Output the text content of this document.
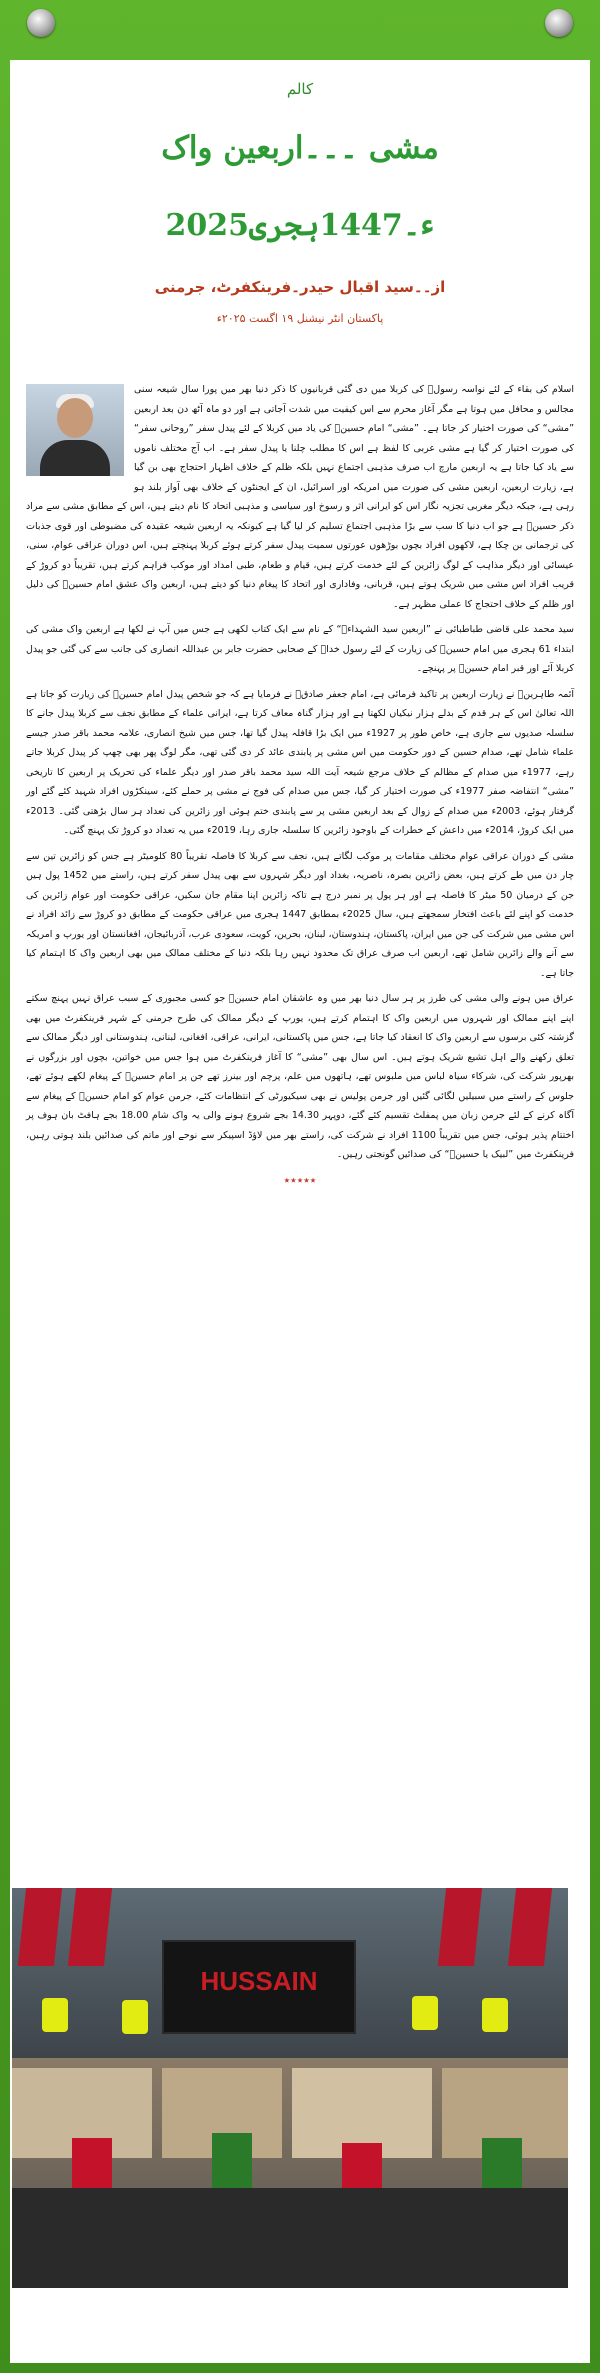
کالم
مشی ۔۔۔اربعین واک
2025ء۔1447ہجری
از۔۔سید اقبال حیدر۔فرینکفرٹ، جرمنی
پاکستان انٹر نیشنل ۱۹ اگست ۲۰۲۵ء

اسلام کی بقاء کے لئے نواسہ رسولؐ کی کربلا میں دی گئی قربانیوں کا ذکر دنیا بھر میں پورا سال شیعہ سنی مجالس و محافل میں ہوتا ہے مگر آغاز محرم سے اس کیفیت میں شدت آجاتی ہے اور دو ماہ آٹھ دن بعد اربعین ”مشی“ کی صورت اختیار کر جاتا ہے۔ ”مشی“ امام حسینؑ کی یاد میں کربلا کے لئے پیدل سفر ”روحانی سفر“ کی صورت اختیار کر گیا ہے مشی عربی کا لفظ ہے اس کا مطلب چلنا یا پیدل سفر ہے۔ اب آج مختلف ناموں سے یاد کیا جاتا ہے یہ اربعین مارچ اب صرف مذہبی اجتماع نہیں بلکہ ظلم کے خلاف اظہار احتجاج بھی بن گیا ہے، زیارت اربعین، اربعین مشی کی صورت میں امریکہ اور اسرائیل، ان کے ایجنٹوں کے خلاف بھی آواز بلند ہو رہی ہے، جبکہ دیگر مغربی تجزیہ نگار اس کو ایرانی اثر و رسوخ اور سیاسی و مذہبی اتحاد کا نام دیتے ہیں، اس کے مطابق مشی سے مراد ذکر حسینؑ ہے جو اب دنیا کا سب سے بڑا مذہبی اجتماع تسلیم کر لیا گیا ہے کیونکہ یہ اربعین شیعہ عقیدہ کی مضبوطی اور قوی جذبات کی ترجمانی بن چکا ہے، لاکھوں افراد بچوں بوڑھوں عورتوں سمیت پیدل سفر کرتے ہوئے کربلا پہنچتے ہیں، اس دوران عراقی عوام، سنی، عیسائی اور دیگر مذاہب کے لوگ زائرین کے لئے خدمت کرتے ہیں، قیام و طعام، طبی امداد اور موکب فراہم کرتے ہیں، تقریباً دو کروڑ کے قریب افراد اس مشی میں شریک ہوتے ہیں، قربانی، وفاداری اور اتحاد کا پیغام دنیا کو دیتے ہیں، اربعین واک عشق امام حسینؑ کی دلیل اور ظلم کے خلاف احتجاج کا عملی مظہر ہے۔

سید محمد علی قاضی طباطبائی نے ”اربعین سید الشہداءؑ“ کے نام سے ایک کتاب لکھی ہے جس میں آپ نے لکھا ہے اربعین واک مشی کی ابتداء 61 ہجری میں امام حسینؑ کی زیارت کے لئے رسول خداؐ کے صحابی حضرت جابر بن عبداللہ انصاری کی جانب سے کی گئی جو پیدل کربلا آئے اور قبر امام حسینؑ پر پہنچے۔

آئمہ طاہرینؑ نے زیارت اربعین پر تاکید فرمائی ہے، امام جعفر صادقؑ نے فرمایا ہے کہ جو شخص پیدل امام حسینؑ کی زیارت کو جاتا ہے اللہ تعالیٰ اس کے ہر قدم کے بدلے ہزار نیکیاں لکھتا ہے اور ہزار گناہ معاف کرتا ہے، ایرانی علماء کے مطابق نجف سے کربلا پیدل جانے کا سلسلہ صدیوں سے جاری ہے، خاص طور پر 1927ء میں ایک بڑا قافلہ پیدل گیا تھا، جس میں شیخ انصاری، علامہ محمد باقر صدر جیسے علماء شامل تھے، صدام حسین کے دور حکومت میں اس مشی پر پابندی عائد کر دی گئی تھی، مگر لوگ پھر بھی چھپ کر پیدل کربلا جاتے رہے، 1977ء میں صدام کے مظالم کے خلاف مرجع شیعہ آیت اللہ سید محمد باقر صدر اور دیگر علماء کی تحریک پر اربعین کا تاریخی ”مشی“ انتفاضہ صفر 1977ء کی صورت اختیار کر گیا، جس میں صدام کی فوج نے مشی پر حملے کئے، سینکڑوں افراد شہید کئے گئے اور گرفتار ہوئے، 2003ء میں صدام کے زوال کے بعد اربعین مشی پر سے پابندی ختم ہوئی اور زائرین کی تعداد ہر سال بڑھتی گئی۔ 2013ء میں ایک کروڑ، 2014ء میں داعش کے خطرات کے باوجود زائرین کا سلسلہ جاری رہا، 2019ء میں یہ تعداد دو کروڑ تک پہنچ گئی۔

مشی کے دوران عراقی عوام مختلف مقامات پر موکب لگاتے ہیں، نجف سے کربلا کا فاصلہ تقریباً 80 کلومیٹر ہے جس کو زائرین تین سے چار دن میں طے کرتے ہیں، بعض زائرین بصرہ، ناصریہ، بغداد اور دیگر شہروں سے بھی پیدل سفر کرتے ہیں، راستے میں 1452 پول ہیں جن کے درمیان 50 میٹر کا فاصلہ ہے اور ہر پول پر نمبر درج ہے تاکہ زائرین اپنا مقام جان سکیں، عراقی حکومت اور عوام زائرین کی خدمت کو اپنے لئے باعث افتخار سمجھتے ہیں، سال 2025ء بمطابق 1447 ہجری میں عراقی حکومت کے مطابق دو کروڑ سے زائد افراد نے اس مشی میں شرکت کی جن میں ایران، پاکستان، ہندوستان، لبنان، بحرین، کویت، سعودی عرب، آذربائیجان، افغانستان اور یورپ و امریکہ سے آنے والے زائرین شامل تھے، اربعین اب صرف عراق تک محدود نہیں رہا بلکہ دنیا کے مختلف ممالک میں بھی اربعین واک کا اہتمام کیا جاتا ہے۔

عراق میں ہونے والی مشی کی طرز پر ہر سال دنیا بھر میں وہ عاشقان امام حسینؑ جو کسی مجبوری کے سبب عراق نہیں پہنچ سکتے اپنے اپنے ممالک اور شہروں میں اربعین واک کا اہتمام کرتے ہیں، یورپ کے دیگر ممالک کی طرح جرمنی کے شہر فرینکفرٹ میں بھی گزشتہ کئی برسوں سے اربعین واک کا انعقاد کیا جاتا ہے، جس میں پاکستانی، ایرانی، عراقی، افغانی، لبنانی، ہندوستانی اور دیگر ممالک سے تعلق رکھنے والے اہل تشیع شریک ہوتے ہیں۔ اس سال بھی ”مشی“ کا آغاز فرینکفرٹ میں ہوا جس میں خواتین، بچوں اور بزرگوں نے بھرپور شرکت کی، شرکاء سیاہ لباس میں ملبوس تھے، ہاتھوں میں علم، پرچم اور بینرز تھے جن پر امام حسینؑ کے پیغام لکھے ہوئے تھے، جلوس کے راستے میں سبیلیں لگائی گئیں اور جرمن پولیس نے بھی سیکیورٹی کے انتظامات کئے، جرمن عوام کو امام حسینؑ کے پیغام سے آگاہ کرنے کے لئے جرمن زبان میں پمفلٹ تقسیم کئے گئے، دوپہر 14.30 بجے شروع ہونے والی یہ واک شام 18.00 بجے ہافٹ بان ہوف پر اختتام پذیر ہوئی، جس میں تقریباً 1100 افراد نے شرکت کی، راستے بھر میں لاؤڈ اسپیکر سے نوحے اور ماتم کی صدائیں بلند ہوتی رہیں، فرینکفرٹ میں ”لبیک یا حسینؑ“ کی صدائیں گونجتی رہیں۔

٭٭٭٭٭
HUSSAIN
